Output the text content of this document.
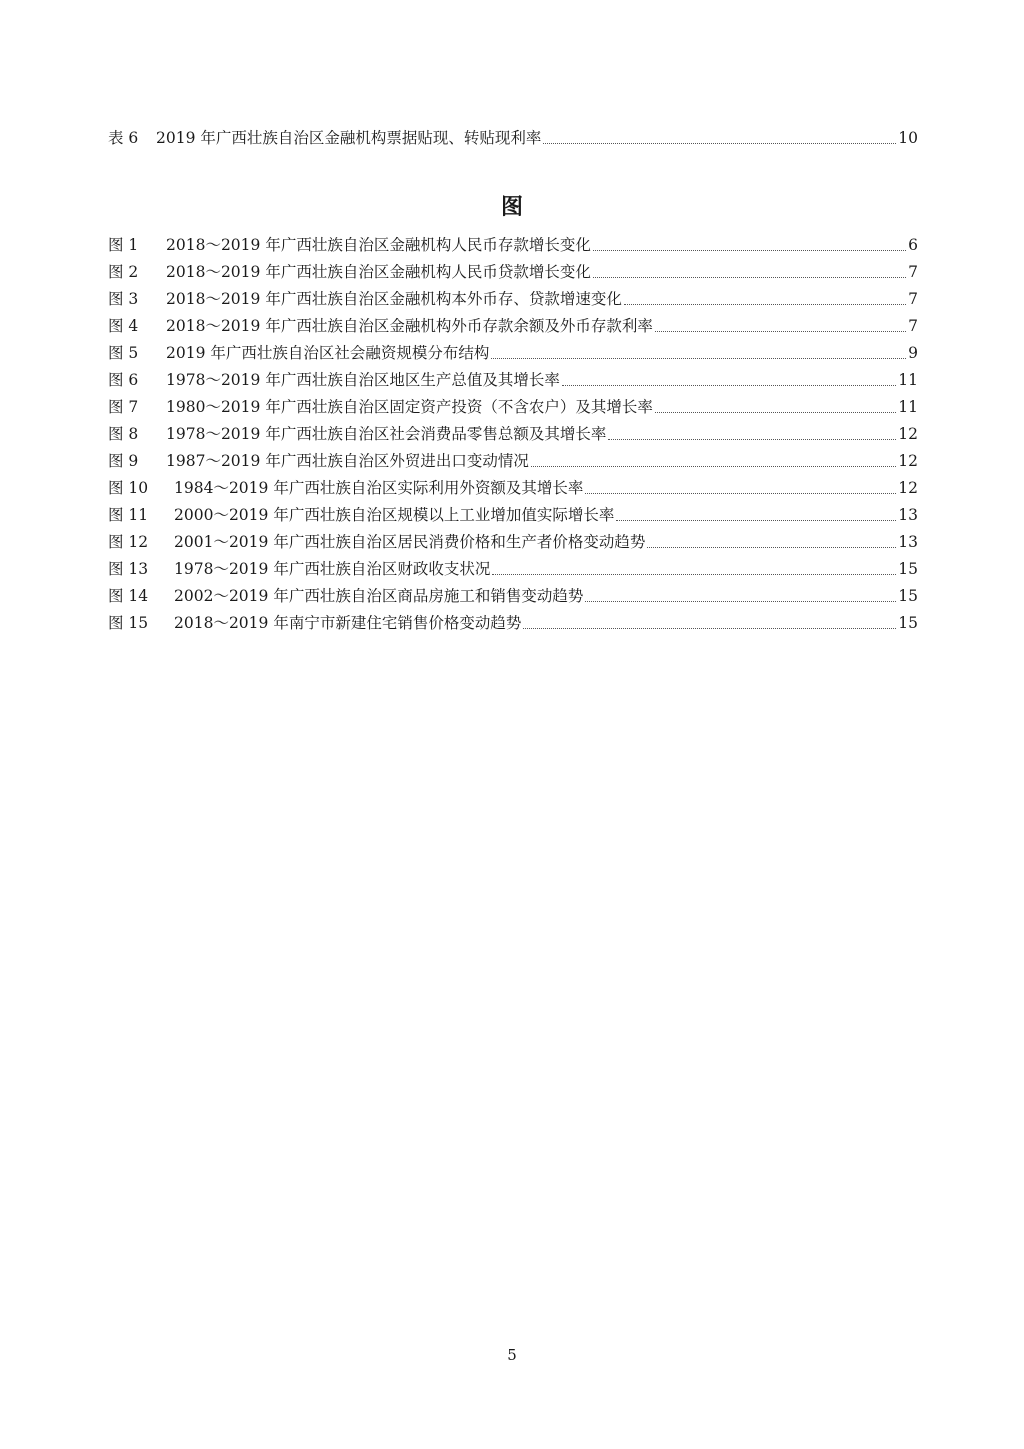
表 6	2019 年广西壮族自治区金融机构票据贴现、转贴现利率	10
图
图 1	2018～2019 年广西壮族自治区金融机构人民币存款增长变化	6
图 2	2018～2019 年广西壮族自治区金融机构人民币贷款增长变化	7
图 3	2018～2019 年广西壮族自治区金融机构本外币存、贷款增速变化	7
图 4	2018～2019 年广西壮族自治区金融机构外币存款余额及外币存款利率	7
图 5	2019 年广西壮族自治区社会融资规模分布结构	9
图 6	1978～2019 年广西壮族自治区地区生产总值及其增长率	11
图 7	1980～2019 年广西壮族自治区固定资产投资（不含农户）及其增长率	11
图 8	1978～2019 年广西壮族自治区社会消费品零售总额及其增长率	12
图 9	1987～2019 年广西壮族自治区外贸进出口变动情况	12
图 10	1984～2019 年广西壮族自治区实际利用外资额及其增长率	12
图 11	2000～2019 年广西壮族自治区规模以上工业增加值实际增长率	13
图 12	2001～2019 年广西壮族自治区居民消费价格和生产者价格变动趋势	13
图 13	1978～2019 年广西壮族自治区财政收支状况	15
图 14	2002～2019 年广西壮族自治区商品房施工和销售变动趋势	15
图 15	2018～2019 年南宁市新建住宅销售价格变动趋势	15
5
